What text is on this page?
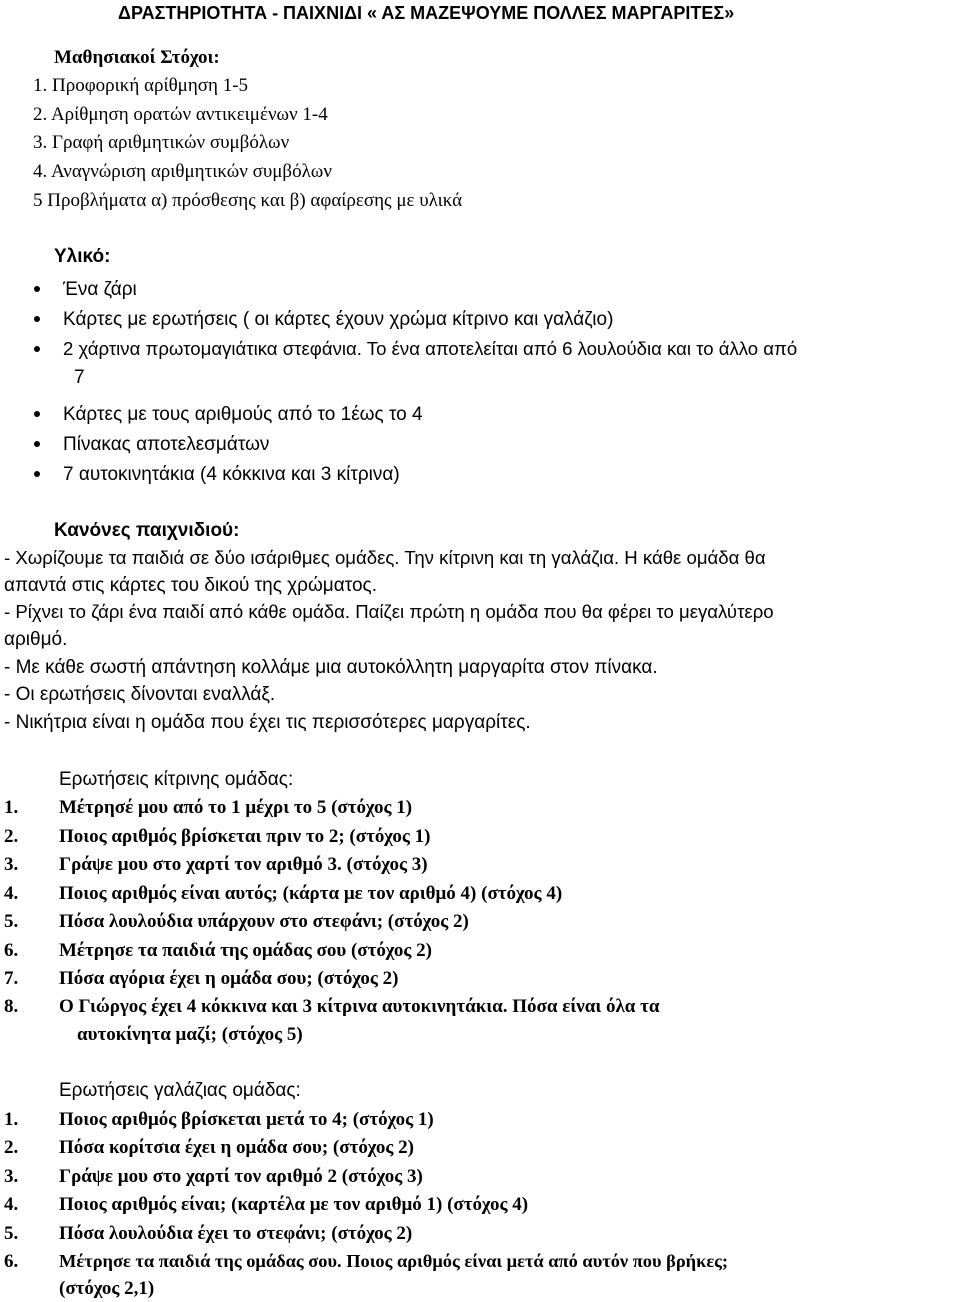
ΔΡΑΣΤΗΡΙΟΤΗΤΑ - ΠΑΙΧΝΙΔΙ « ΑΣ ΜΑΖΕΨΟΥΜΕ ΠΟΛΛΕΣ ΜΑΡΓΑΡΙΤΕΣ»
Μαθησιακοί Στόχοι:
1. Προφορική αρίθμηση 1-5
2. Αρίθμηση ορατών αντικειμένων 1-4
3. Γραφή αριθμητικών συμβόλων
4. Αναγνώριση αριθμητικών συμβόλων
5 Προβλήματα α) πρόσθεσης και β) αφαίρεσης με υλικά
Υλικό:
Ένα ζάρι
Κάρτες με ερωτήσεις ( οι κάρτες έχουν χρώμα κίτρινο και γαλάζιο)
2 χάρτινα πρωτομαγιάτικα στεφάνια. Το ένα αποτελείται από 6 λουλούδια και το άλλο από
7
Κάρτες με τους αριθμούς από το 1έως το 4
Πίνακας αποτελεσμάτων
7 αυτοκινητάκια (4 κόκκινα και 3 κίτρινα)
Κανόνες παιχνιδιού:
- Χωρίζουμε τα παιδιά σε δύο ισάριθμες ομάδες. Την κίτρινη και τη γαλάζια. Η κάθε ομάδα θα
απαντά στις κάρτες του δικού της χρώματος.
- Ρίχνει το ζάρι ένα παιδί από κάθε ομάδα. Παίζει πρώτη η ομάδα που θα φέρει το μεγαλύτερο
αριθμό.
- Με κάθε σωστή απάντηση κολλάμε μια αυτοκόλλητη μαργαρίτα στον πίνακα.
- Οι ερωτήσεις δίνονται εναλλάξ.
- Νικήτρια είναι η ομάδα που έχει τις περισσότερες μαργαρίτες.
Ερωτήσεις κίτρινης ομάδας:
1. Μέτρησέ μου από το 1 μέχρι το 5 (στόχος 1)
2. Ποιος αριθμός βρίσκεται πριν το 2; (στόχος 1)
3. Γράψε μου στο χαρτί τον αριθμό 3. (στόχος 3)
4. Ποιος αριθμός είναι αυτός; (κάρτα με τον αριθμό 4) (στόχος 4)
5. Πόσα λουλούδια υπάρχουν στο στεφάνι; (στόχος 2)
6. Μέτρησε τα παιδιά της ομάδας σου (στόχος 2)
7. Πόσα αγόρια έχει η ομάδα σου; (στόχος 2)
8. Ο Γιώργος έχει 4 κόκκινα και 3 κίτρινα αυτοκινητάκια. Πόσα είναι όλα τα
αυτοκίνητα μαζί; (στόχος 5)
Ερωτήσεις γαλάζιας ομάδας:
1. Ποιος αριθμός βρίσκεται μετά το 4; (στόχος 1)
2. Πόσα κορίτσια έχει η ομάδα σου; (στόχος 2)
3. Γράψε μου στο χαρτί τον αριθμό 2 (στόχος 3)
4. Ποιος αριθμός είναι; (καρτέλα με τον αριθμό 1) (στόχος 4)
5. Πόσα λουλούδια έχει το στεφάνι; (στόχος 2)
6. Μέτρησε τα παιδιά της ομάδας σου. Ποιος αριθμός είναι μετά από αυτόν που βρήκες;
(στόχος 2,1)
